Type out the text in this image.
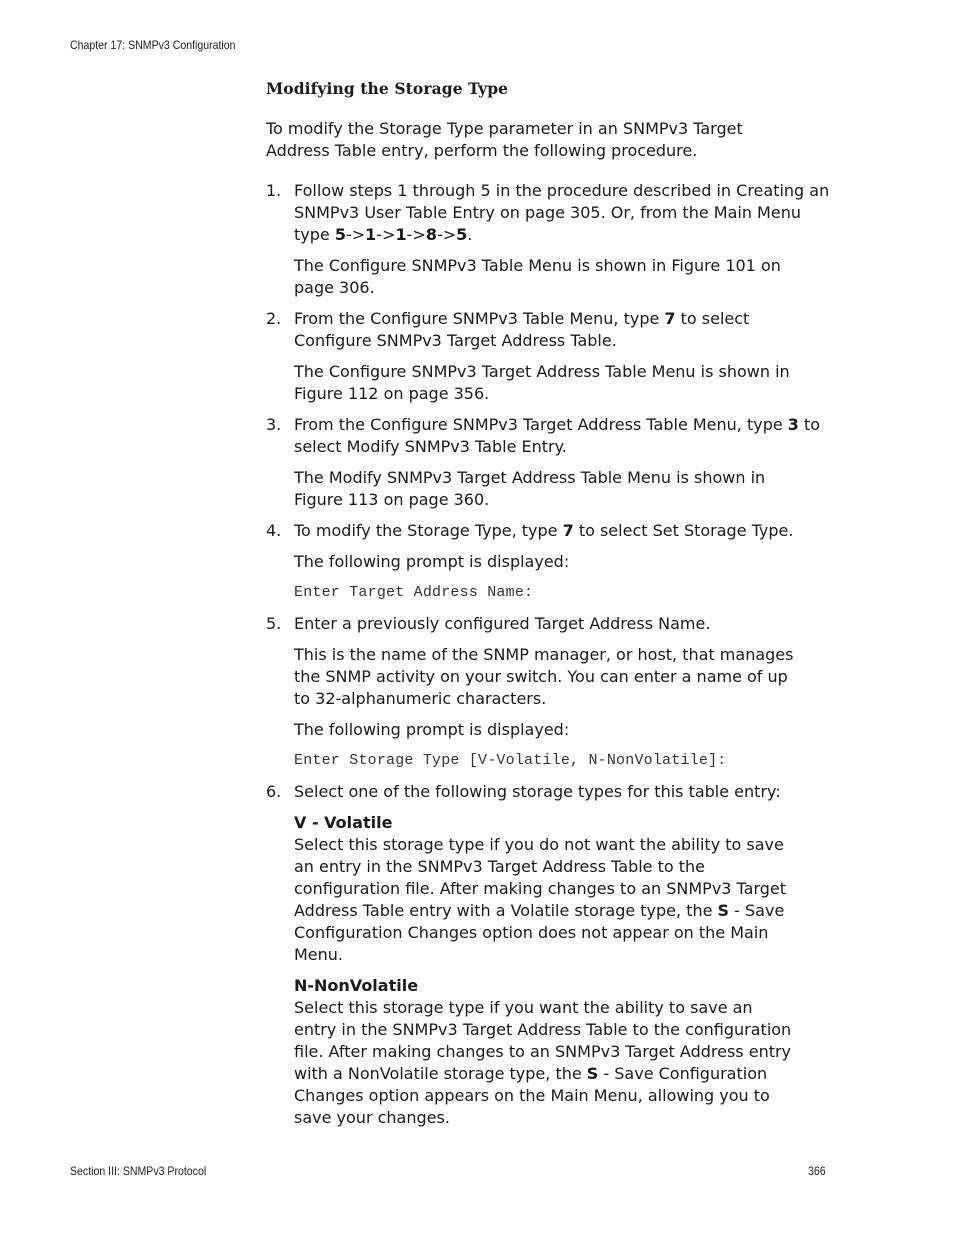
Chapter 17: SNMPv3 Configuration

Modifying the Storage Type

To modify the Storage Type parameter in an SNMPv3 Target Address Table entry, perform the following procedure.

1. Follow steps 1 through 5 in the procedure described in Creating an SNMPv3 User Table Entry on page 305. Or, from the Main Menu type 5->1->1->8->5.

The Configure SNMPv3 Table Menu is shown in Figure 101 on page 306.

2. From the Configure SNMPv3 Table Menu, type 7 to select Configure SNMPv3 Target Address Table.

The Configure SNMPv3 Target Address Table Menu is shown in Figure 112 on page 356.

3. From the Configure SNMPv3 Target Address Table Menu, type 3 to select Modify SNMPv3 Table Entry.

The Modify SNMPv3 Target Address Table Menu is shown in Figure 113 on page 360.

4. To modify the Storage Type, type 7 to select Set Storage Type.

The following prompt is displayed:

Enter Target Address Name:

5. Enter a previously configured Target Address Name.

This is the name of the SNMP manager, or host, that manages the SNMP activity on your switch. You can enter a name of up to 32-alphanumeric characters.

The following prompt is displayed:

Enter Storage Type [V-Volatile, N-NonVolatile]:

6. Select one of the following storage types for this table entry:
V - Volatile
Select this storage type if you do not want the ability to save an entry in the SNMPv3 Target Address Table to the configuration file. After making changes to an SNMPv3 Target Address Table entry with a Volatile storage type, the S - Save Configuration Changes option does not appear on the Main Menu.
N-NonVolatile
Select this storage type if you want the ability to save an entry in the SNMPv3 Target Address Table to the configuration file. After making changes to an SNMPv3 Target Address entry with a NonVolatile storage type, the S - Save Configuration Changes option appears on the Main Menu, allowing you to save your changes.
Section III: SNMPv3 Protocol	366
